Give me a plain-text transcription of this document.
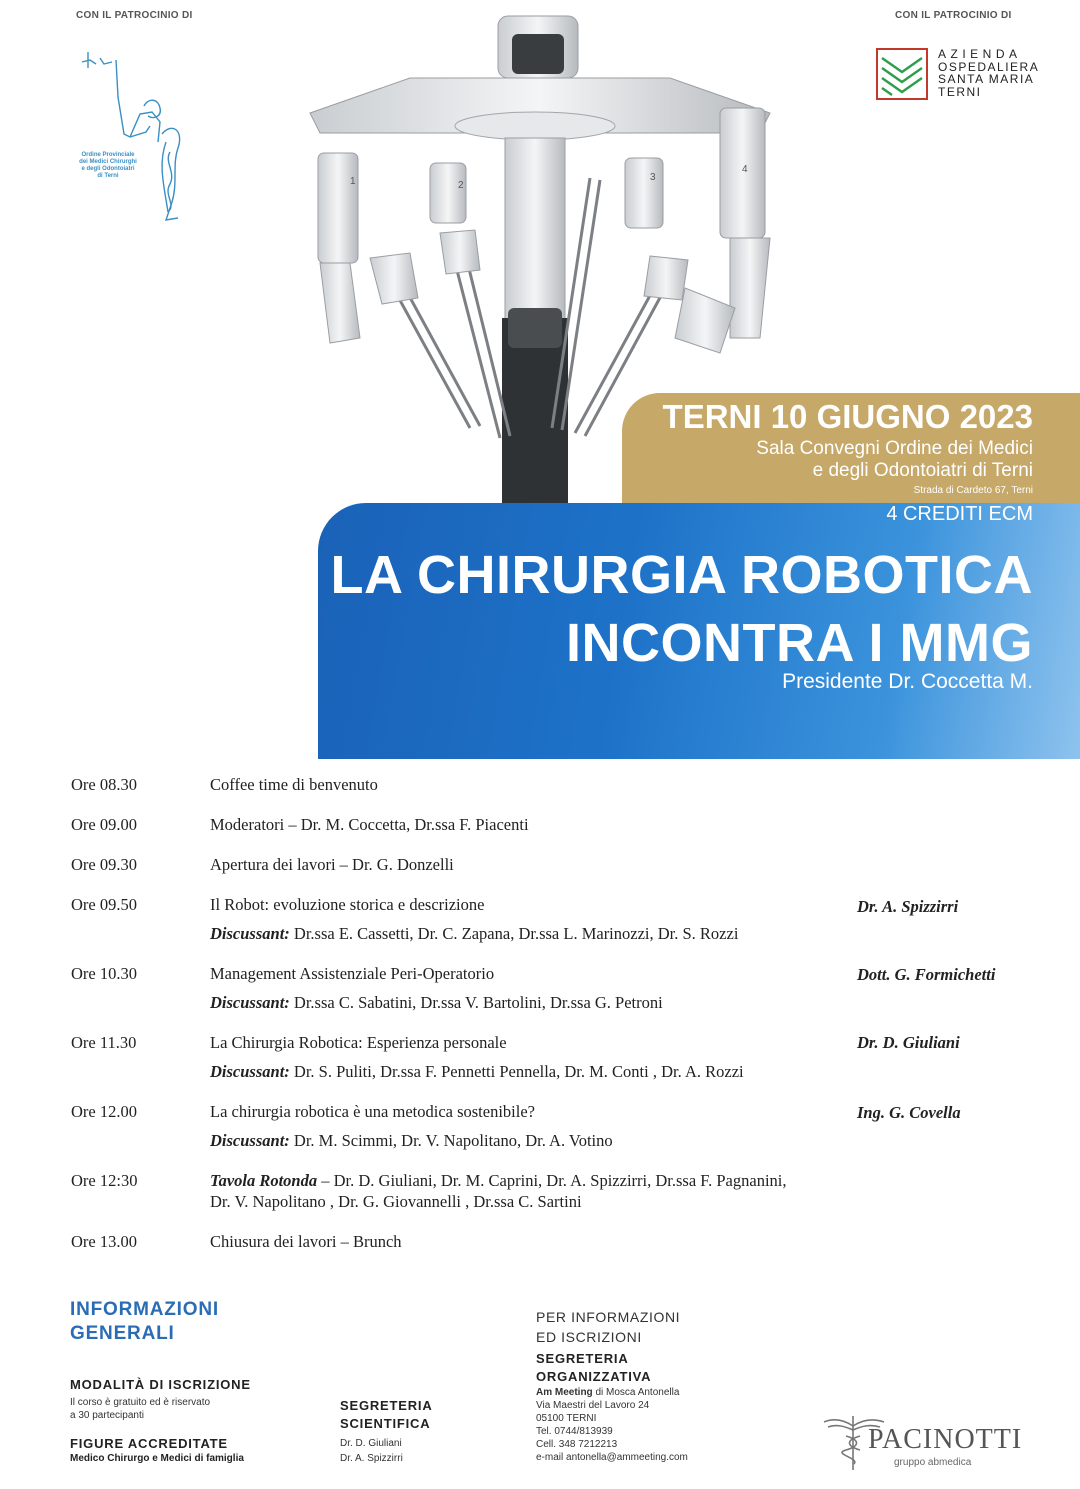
CON IL PATROCINIO DI	CON IL PATROCINIO DI
Ordine Provinciale
dei Medici Chirurghi
e degli Odontoiatri
di Terni
AZIENDA
OSPEDALIERA
SANTA MARIA
TERNI
1	2
3
4
TERNI 10 GIUGNO 2023
Sala Convegni Ordine dei Medici
e degli Odontoiatri di Terni
Strada di Cardeto 67, Terni
4 CREDITI ECM
LA CHIRURGIA ROBOTICA
INCONTRA I MMG
Presidente Dr. Coccetta M.
Ore 08.30	Coffee time di benvenuto
Ore 09.00	Moderatori – Dr. M. Coccetta, Dr.ssa F. Piacenti
Ore 09.30	Apertura dei lavori – Dr. G. Donzelli
Ore 09.50	Il Robot: evoluzione storica e descrizione	Dr. A. Spizzirri
Discussant: Dr.ssa E. Cassetti, Dr. C. Zapana, Dr.ssa L. Marinozzi, Dr. S. Rozzi
Ore 10.30	Management Assistenziale Peri-Operatorio	Dott. G. Formichetti
Discussant: Dr.ssa C. Sabatini, Dr.ssa V. Bartolini, Dr.ssa G. Petroni
Ore 11.30	La Chirurgia Robotica: Esperienza personale	Dr. D. Giuliani
Discussant: Dr. S. Puliti, Dr.ssa F. Pennetti Pennella, Dr. M. Conti , Dr. A. Rozzi
Ore 12.00	La chirurgia robotica è una metodica sostenibile?	Ing. G. Covella
Discussant: Dr. M. Scimmi, Dr. V. Napolitano, Dr. A. Votino
Ore 12:30	Tavola Rotonda – Dr. D. Giuliani, Dr. M. Caprini, Dr. A. Spizzirri, Dr.ssa F. Pagnanini,
Dr. V. Napolitano , Dr. G. Giovannelli , Dr.ssa C. Sartini
Ore 13.00	Chiusura dei lavori – Brunch
INFORMAZIONI
GENERALI
MODALITÀ DI ISCRIZIONE
Il corso è gratuito ed è riservato
a 30 partecipanti
FIGURE ACCREDITATE
Medico Chirurgo e Medici di famiglia
SEGRETERIA
SCIENTIFICA
Dr. D. Giuliani
Dr. A. Spizzirri
PER INFORMAZIONI
ED ISCRIZIONI
SEGRETERIA
ORGANIZZATIVA
Am Meeting di Mosca Antonella
Via Maestri del Lavoro 24
05100 TERNI
Tel. 0744/813939
Cell. 348 7212213
e-mail antonella@ammeeting.com
PACINOTTI
gruppo abmedica
